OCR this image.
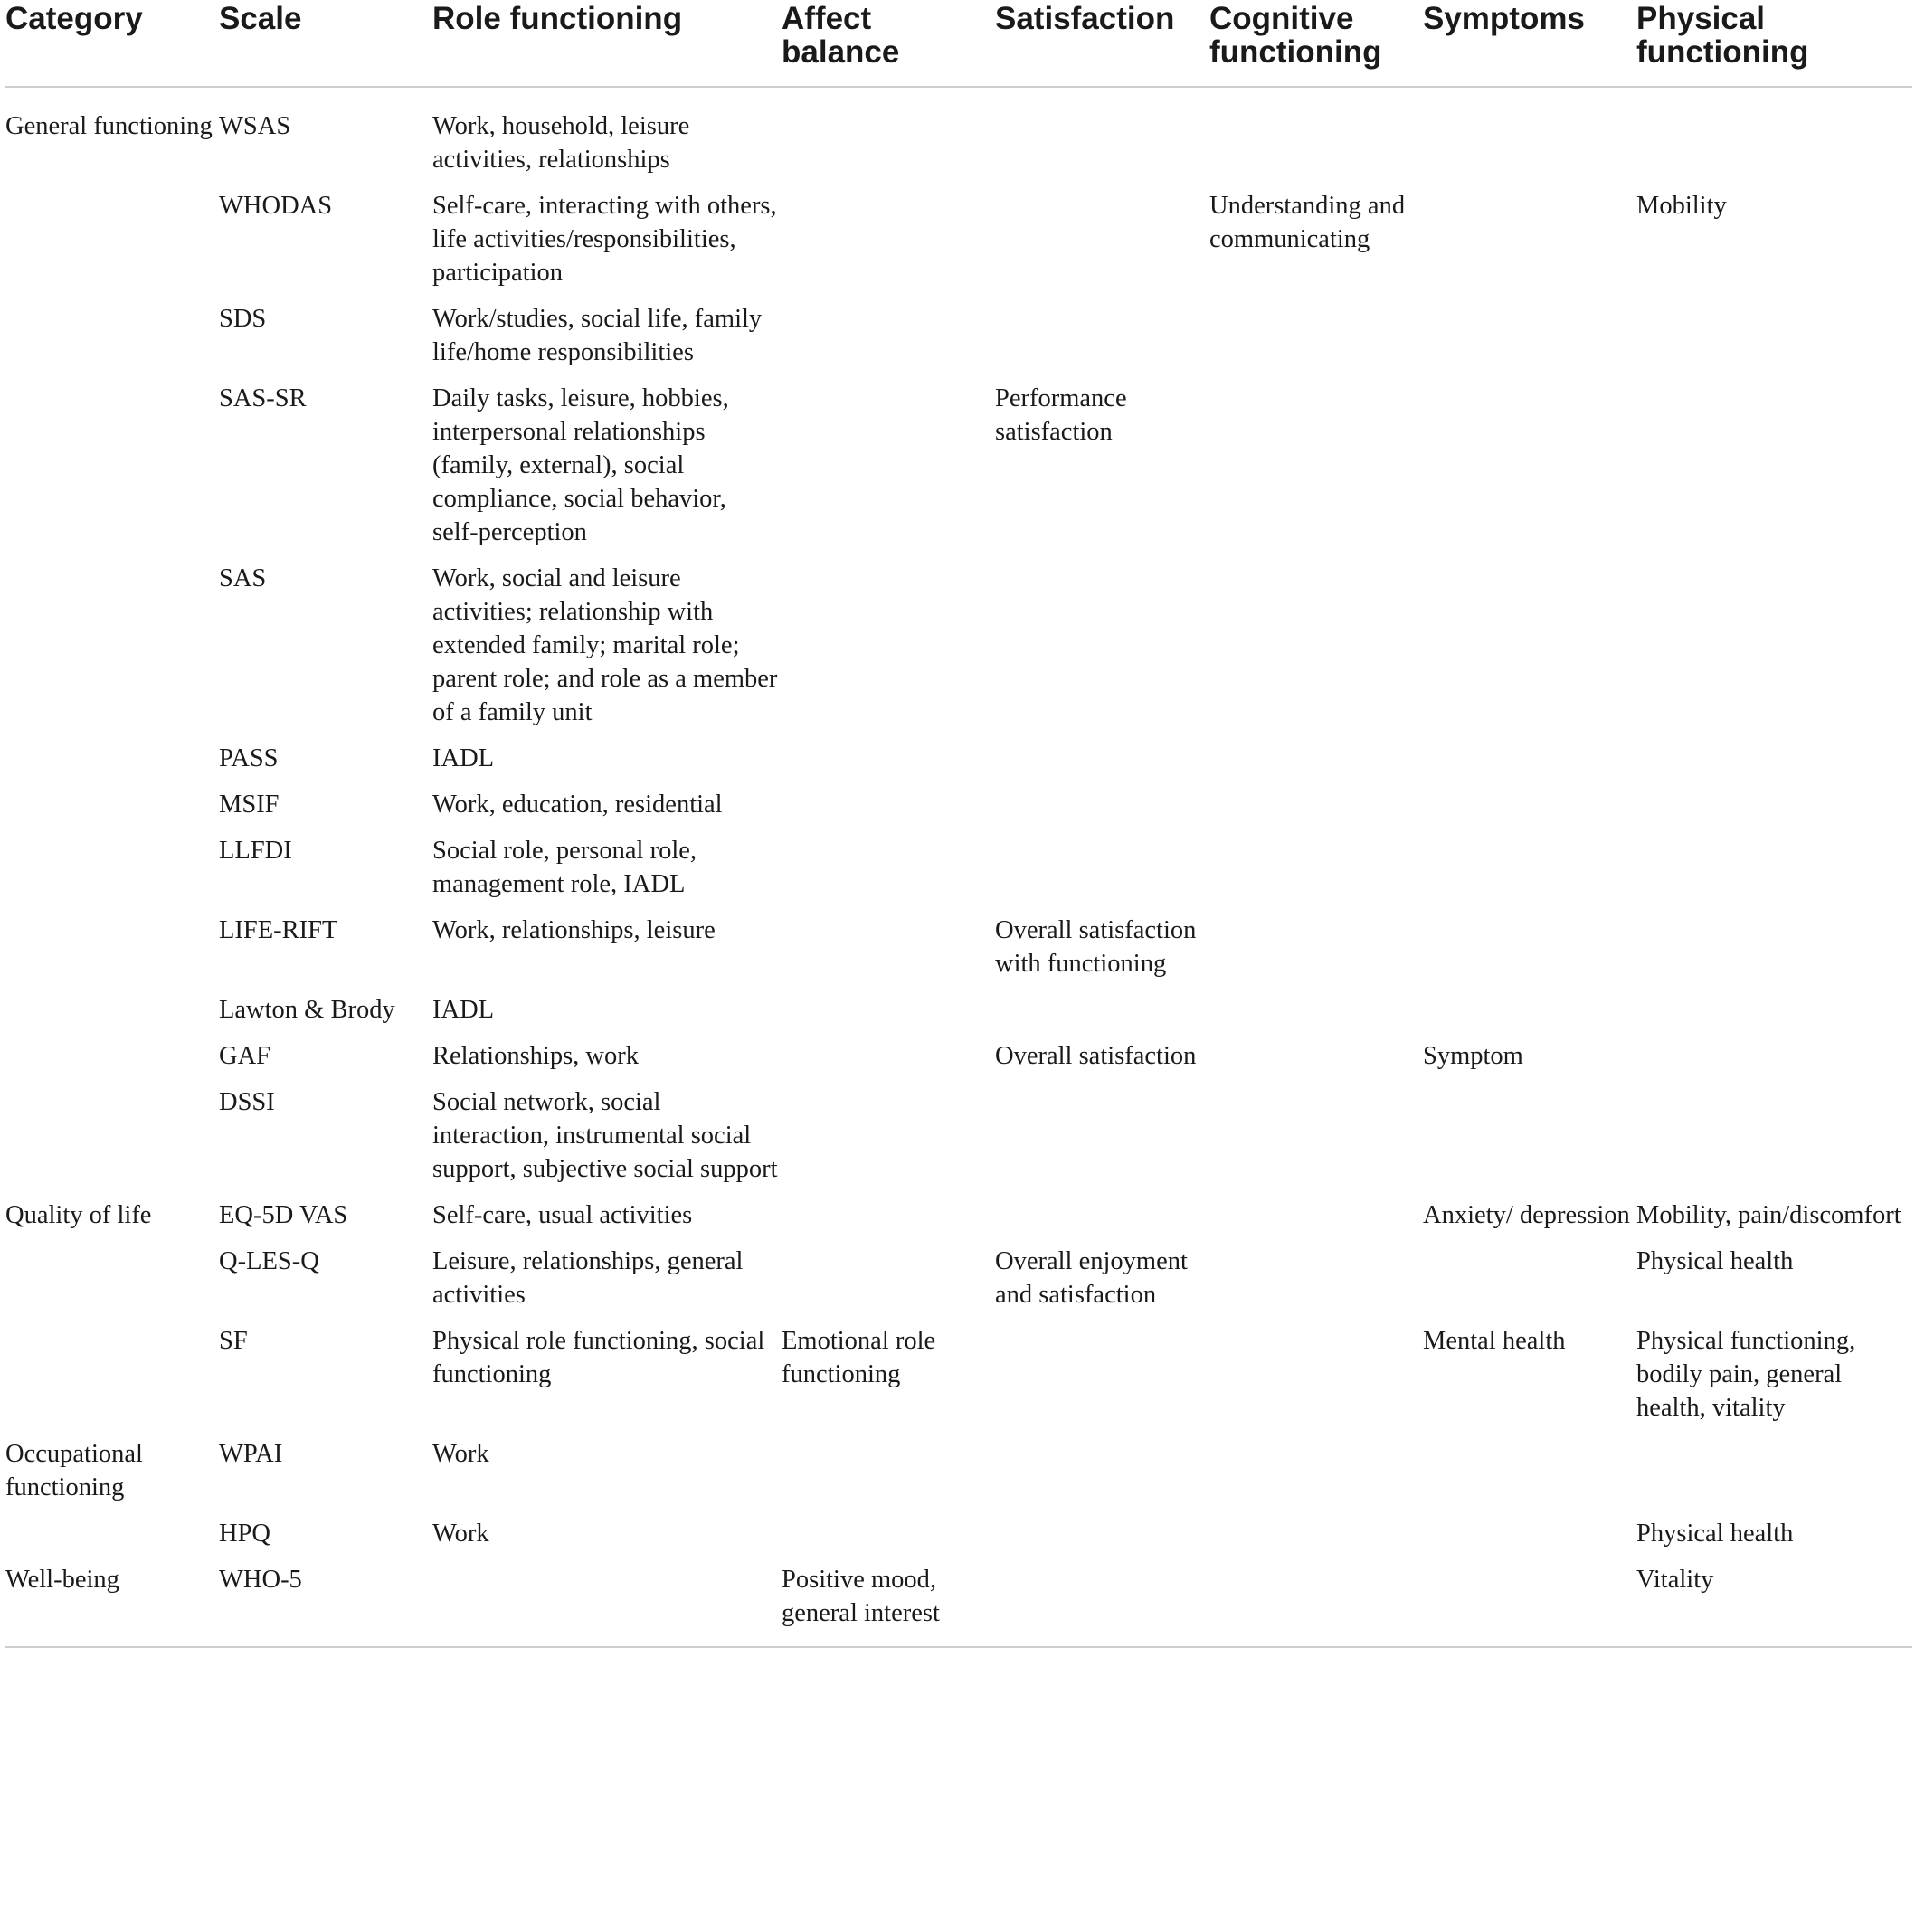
Category	Scale	Role functioning	Affect balance	Satisfaction	Cognitive functioning	Symptoms	Physical functioning
General functioning	WSAS	Work, household, leisure activities, relationships					
	WHODAS	Self-care, interacting with others, life activities/responsibilities, participation			Understanding and communicating		Mobility
	SDS	Work/studies, social life, family life/home responsibilities					
	SAS-SR	Daily tasks, leisure, hobbies, interpersonal relationships (family, external), social compliance, social behavior, self-perception		Performance satisfaction			
	SAS	Work, social and leisure activities; relationship with extended family; marital role; parent role; and role as a member of a family unit					
	PASS	IADL					
	MSIF	Work, education, residential					
	LLFDI	Social role, personal role, management role, IADL					
	LIFE-RIFT	Work, relationships, leisure		Overall satisfaction with functioning			
	Lawton & Brody	IADL					
	GAF	Relationships, work		Overall satisfaction		Symptom	
	DSSI	Social network, social interaction, instrumental social support, subjective social support					
Quality of life	EQ-5D VAS	Self-care, usual activities				Anxiety/ depression	Mobility, pain/discomfort
	Q-LES-Q	Leisure, relationships, general activities		Overall enjoyment and satisfaction			Physical health
	SF	Physical role functioning, social functioning	Emotional role functioning			Mental health	Physical functioning, bodily pain, general health, vitality
Occupational functioning	WPAI	Work					
	HPQ	Work					Physical health
Well-being	WHO-5		Positive mood, general interest				Vitality
